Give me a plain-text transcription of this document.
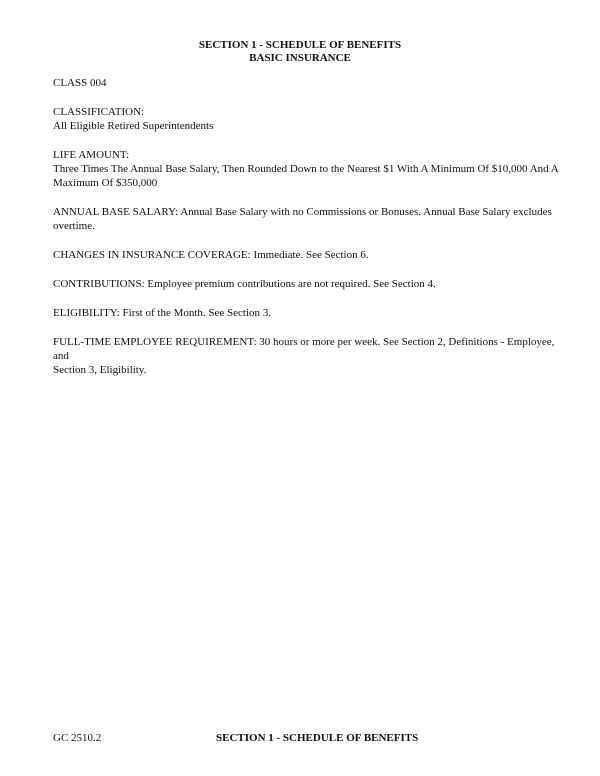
SECTION 1 - SCHEDULE OF BENEFITS
BASIC INSURANCE

CLASS 004

CLASSIFICATION:
All Eligible Retired Superintendents

LIFE AMOUNT:
Three Times The Annual Base Salary, Then Rounded Down to the Nearest $1 With A Minimum Of $10,000 And A
Maximum Of $350,000

ANNUAL BASE SALARY: Annual Base Salary with no Commissions or Bonuses. Annual Base Salary excludes
overtime.

CHANGES IN INSURANCE COVERAGE: Immediate. See Section 6.

CONTRIBUTIONS: Employee premium contributions are not required. See Section 4.

ELIGIBILITY: First of the Month. See Section 3.

FULL-TIME EMPLOYEE REQUIREMENT: 30 hours or more per week. See Section 2, Definitions - Employee, and
Section 3, Eligibility.

GC 2510.2	SECTION 1 - SCHEDULE OF BENEFITS
